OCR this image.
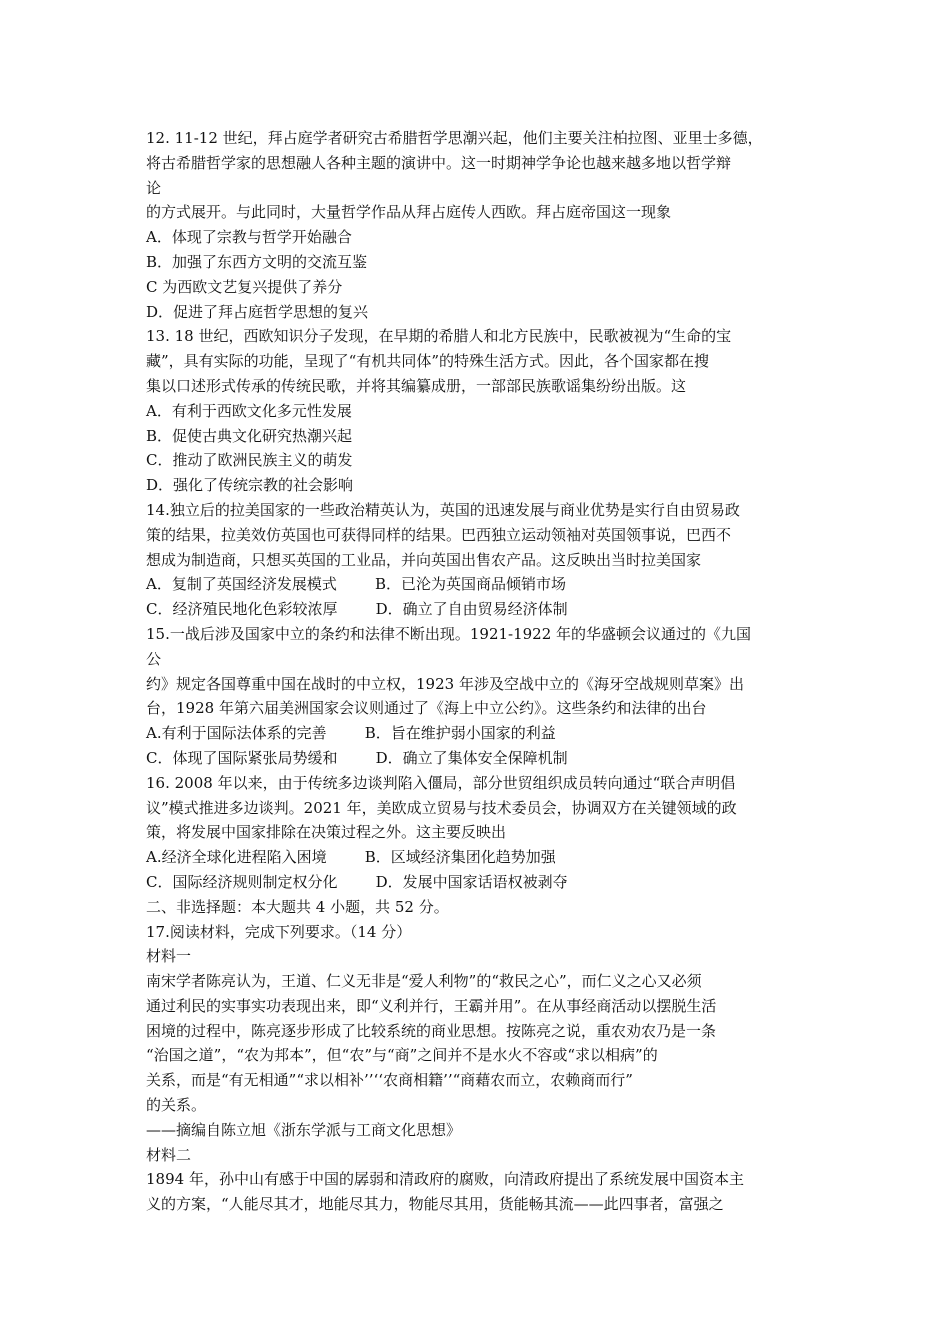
12. 11-12 世纪，拜占庭学者研究古希腊哲学思潮兴起，他们主要关注柏拉图、亚里士多德，
将古希腊哲学家的思想融人各种主题的演讲中。这一时期神学争论也越来越多地以哲学辩
论
的方式展开。与此同时，大量哲学作品从拜占庭传人西欧。拜占庭帝国这一现象
A．体现了宗教与哲学开始融合
B．加强了东西方文明的交流互鉴
C 为西欧文艺复兴提供了养分
D．促进了拜占庭哲学思想的复兴
13. 18 世纪，西欧知识分子发现，在早期的希腊人和北方民族中，民歌被视为“生命的宝
藏”，具有实际的功能，呈现了“有机共同体”的特殊生活方式。因此，各个国家都在搜
集以口述形式传承的传统民歌，并将其编纂成册，一部部民族歌谣集纷纷出版。这
A．有利于西欧文化多元性发展
B．促使古典文化研究热潮兴起
C．推动了欧洲民族主义的萌发
D．强化了传统宗教的社会影响
14.独立后的拉美国家的一些政治精英认为，英国的迅速发展与商业优势是实行自由贸易政
策的结果，拉美效仿英国也可获得同样的结果。巴西独立运动领袖对英国领事说，巴西不
想成为制造商，只想买英国的工业品，并向英国出售农产品。这反映出当时拉美国家
A．复制了英国经济发展模式        B．已沦为英国商品倾销市场
C．经济殖民地化色彩较浓厚        D．确立了自由贸易经济体制
15.一战后涉及国家中立的条约和法律不断出现。1921-1922 年的华盛顿会议通过的《九国
公
约》规定各国尊重中国在战时的中立权，1923 年涉及空战中立的《海牙空战规则草案》出
台，1928 年第六届美洲国家会议则通过了《海上中立公约》。这些条约和法律的出台
A.有利于国际法体系的完善        B．旨在维护弱小国家的利益
C．体现了国际紧张局势缓和        D．确立了集体安全保障机制
16. 2008 年以来，由于传统多边谈判陷入僵局，部分世贸组织成员转向通过“联合声明倡
议”模式推进多边谈判。2021 年，美欧成立贸易与技术委员会，协调双方在关键领域的政
策，将发展中国家排除在决策过程之外。这主要反映出
A.经济全球化进程陷入困境        B．区域经济集团化趋势加强
C．国际经济规则制定权分化        D．发展中国家话语权被剥夺
二、非选择题：本大题共 4 小题，共 52 分。
17.阅读材料，完成下列要求。（14 分）
材料一
南宋学者陈亮认为，王道、仁义无非是“爱人利物”的“救民之心”，而仁义之心又必须
通过利民的实事实功表现出来，即“义利并行，王霸并用”。在从事经商活动以摆脱生活
困境的过程中，陈亮逐步形成了比较系统的商业思想。按陈亮之说，重农劝农乃是一条
“治国之道”，“农为邦本”，但“农”与“商”之间并不是水火不容或“求以相病”的
关系，而是“有无相通”“求以相补’’‘‘农商相籍’’“商藉农而立，农赖商而行”
的关系。
——摘编自陈立旭《浙东学派与工商文化思想》
材料二
1894 年，孙中山有感于中国的孱弱和清政府的腐败，向清政府提出了系统发展中国资本主
义的方案，“人能尽其才，地能尽其力，物能尽其用，货能畅其流——此四事者，富强之
